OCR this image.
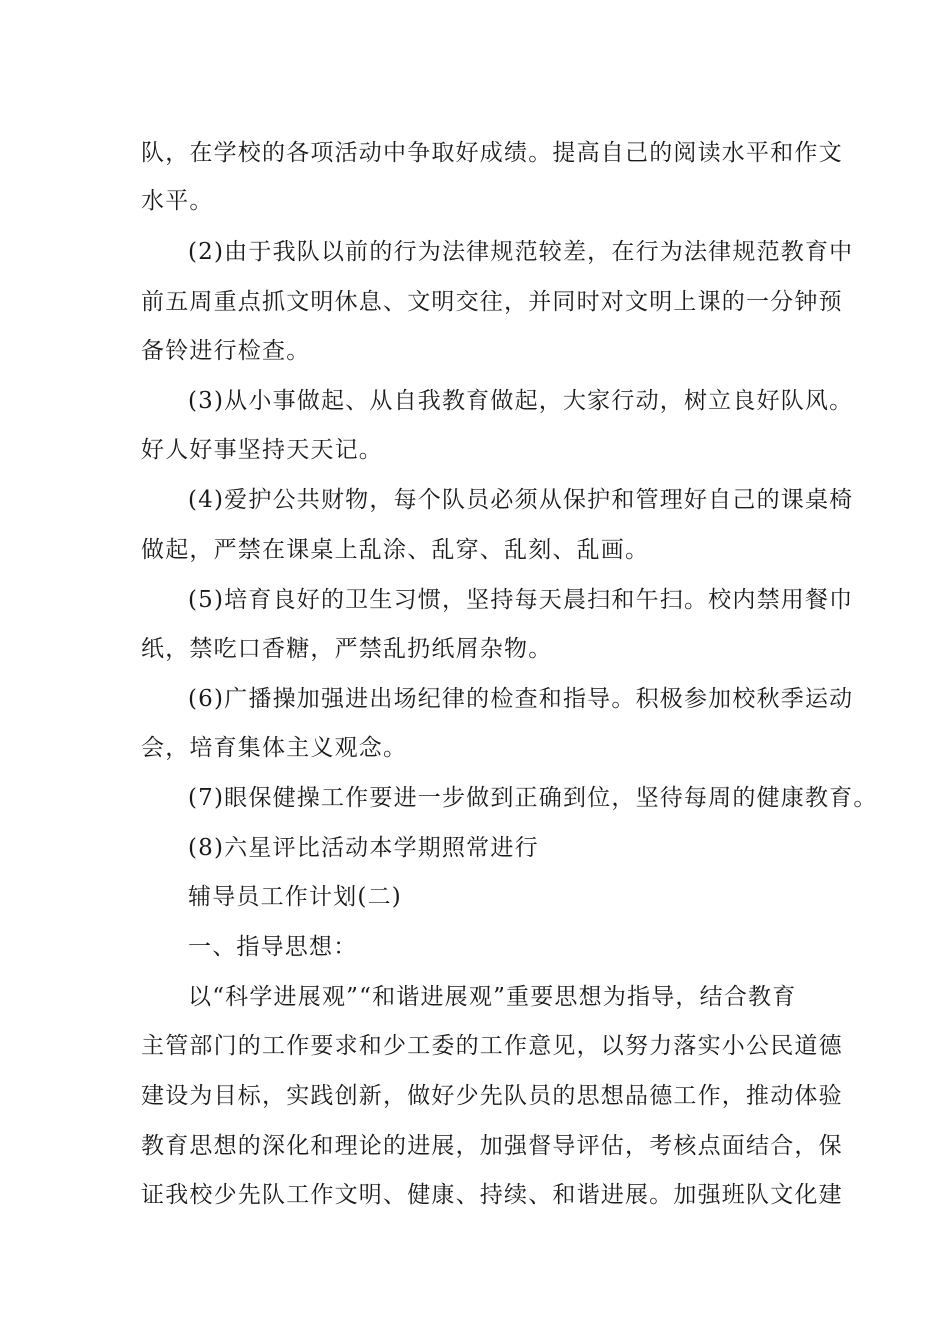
队，在学校的各项活动中争取好成绩。提高自己的阅读水平和作文
水平。
(2)由于我队以前的行为法律规范较差，在行为法律规范教育中
前五周重点抓文明休息、文明交往，并同时对文明上课的一分钟预
备铃进行检查。
(3)从小事做起、从自我教育做起，大家行动，树立良好队风。
好人好事坚持天天记。
(4)爱护公共财物，每个队员必须从保护和管理好自己的课桌椅
做起，严禁在课桌上乱涂、乱穿、乱刻、乱画。
(5)培育良好的卫生习惯，坚持每天晨扫和午扫。校内禁用餐巾
纸，禁吃口香糖，严禁乱扔纸屑杂物。
(6)广播操加强进出场纪律的检查和指导。积极参加校秋季运动
会，培育集体主义观念。
(7)眼保健操工作要进一步做到正确到位，坚待每周的健康教育。
(8)六星评比活动本学期照常进行
辅导员工作计划(二)
一、指导思想：
以“科学进展观”“和谐进展观”重要思想为指导，结合教育
主管部门的工作要求和少工委的工作意见，以努力落实小公民道德
建设为目标，实践创新，做好少先队员的思想品德工作，推动体验
教育思想的深化和理论的进展，加强督导评估，考核点面结合，保
证我校少先队工作文明、健康、持续、和谐进展。加强班队文化建
